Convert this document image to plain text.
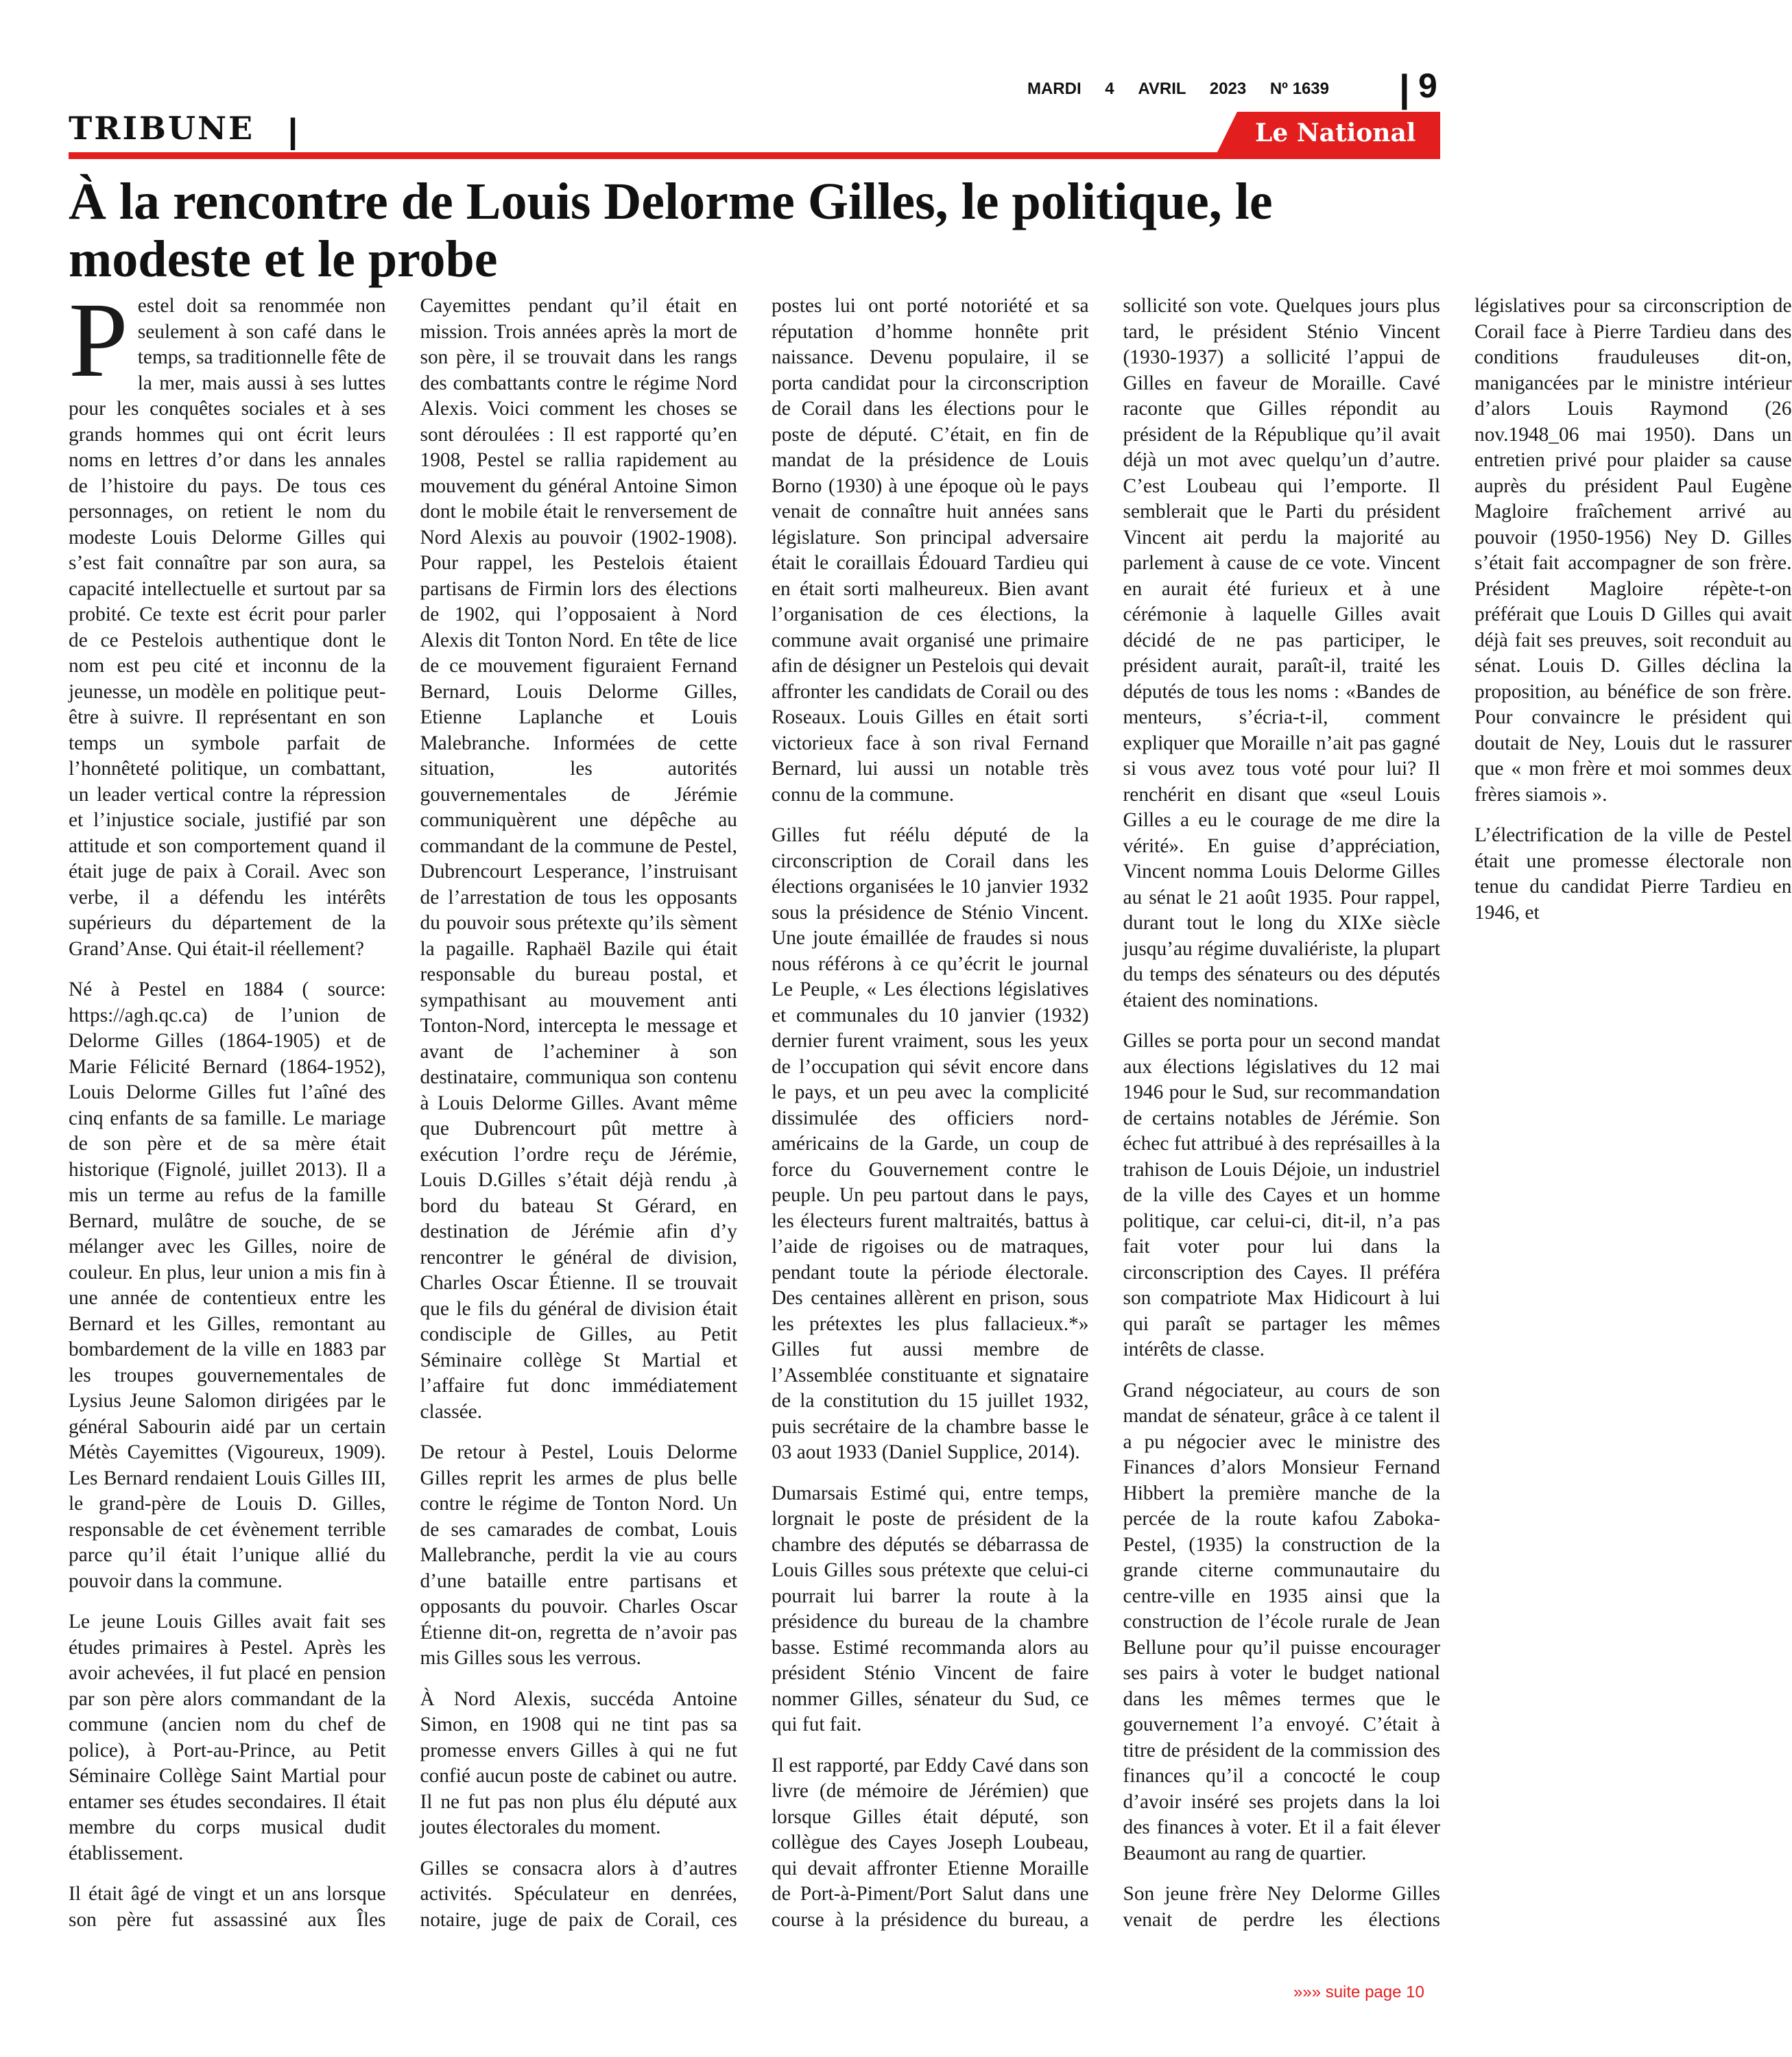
TRIBUNE |
MARDI 4 AVRIL 2023 Nº 1639 | 9
Le National
À la rencontre de Louis Delorme Gilles, le politique, le modeste et le probe

Pestel doit sa renommée non seulement à son café dans le temps, sa traditionnelle fête de la mer, mais aussi à ses luttes pour les conquêtes sociales et à ses grands hommes qui ont écrit leurs noms en lettres d’or dans les annales de l’histoire du pays. De tous ces personnages, on retient le nom du modeste Louis Delorme Gilles qui s’est fait connaître par son aura, sa capacité intellectuelle et surtout par sa probité. Ce texte est écrit pour parler de ce Pestelois authentique dont le nom est peu cité et inconnu de la jeunesse, un modèle en politique peut-être à suivre. Il représentant en son temps un symbole parfait de l’honnêteté politique, un combattant, un leader vertical contre la répression et l’injustice sociale, justifié par son attitude et son comportement quand il était juge de paix à Corail. Avec son verbe, il a défendu les intérêts supérieurs du département de la Grand’Anse. Qui était-il réellement?

Né à Pestel en 1884 ( source: https://agh.qc.ca) de l’union de Delorme Gilles (1864-1905) et de Marie Félicité Bernard (1864-1952), Louis Delorme Gilles fut l’aîné des cinq enfants de sa famille. Le mariage de son père et de sa mère était historique (Fignolé, juillet 2013). Il a mis un terme au refus de la famille Bernard, mulâtre de souche, de se mélanger avec les Gilles, noire de couleur. En plus, leur union a mis fin à une année de contentieux entre les Bernard et les Gilles, remontant au bombardement de la ville en 1883 par les troupes gouvernementales de Lysius Jeune Salomon dirigées par le général Sabourin aidé par un certain Métès Cayemittes (Vigoureux, 1909). Les Bernard rendaient Louis Gilles III, le grand-père de Louis D. Gilles, responsable de cet évènement terrible parce qu’il était l’unique allié du pouvoir dans la commune.

Le jeune Louis Gilles avait fait ses études primaires à Pestel. Après les avoir achevées, il fut placé en pension par son père alors commandant de la commune (ancien nom du chef de police), à Port-au-Prince, au Petit Séminaire Collège Saint Martial pour entamer ses études secondaires. Il était membre du corps musical dudit établissement.

Il était âgé de vingt et un ans lorsque son père fut assassiné aux Îles Cayemittes pendant qu’il était en mission. Trois années après la mort de son père, il se trouvait dans les rangs des combattants contre le régime Nord Alexis. Voici comment les choses se sont déroulées : Il est rapporté qu’en 1908, Pestel se rallia rapidement au mouvement du général Antoine Simon dont le mobile était le renversement de Nord Alexis au pouvoir (1902-1908). Pour rappel, les Pestelois étaient partisans de Firmin lors des élections de 1902, qui l’opposaient à Nord Alexis dit Tonton Nord. En tête de lice de ce mouvement figuraient Fernand Bernard, Louis Delorme Gilles, Etienne Laplanche et Louis Malebranche. Informées de cette situation, les autorités gouvernementales de Jérémie communiquèrent une dépêche au commandant de la commune de Pestel, Dubrencourt Lesperance, l’instruisant de l’arrestation de tous les opposants du pouvoir sous prétexte qu’ils sèment la pagaille. Raphaël Bazile qui était responsable du bureau postal, et sympathisant au mouvement anti Tonton-Nord, intercepta le message et avant de l’acheminer à son destinataire, communiqua son contenu à Louis Delorme Gilles. Avant même que Dubrencourt pût mettre à exécution l’ordre reçu de Jérémie, Louis D.Gilles s’était déjà rendu ,à bord du bateau St Gérard, en destination de Jérémie afin d’y rencontrer le général de division, Charles Oscar Étienne. Il se trouvait que le fils du général de division était condisciple de Gilles, au Petit Séminaire collège St Martial et l’affaire fut donc immédiatement classée.

De retour à Pestel, Louis Delorme Gilles reprit les armes de plus belle contre le régime de Tonton Nord. Un de ses camarades de combat, Louis Mallebranche, perdit la vie au cours d’une bataille entre partisans et opposants du pouvoir. Charles Oscar Étienne dit-on, regretta de n’avoir pas mis Gilles sous les verrous.

À Nord Alexis, succéda Antoine Simon, en 1908 qui ne tint pas sa promesse envers Gilles à qui ne fut confié aucun poste de cabinet ou autre. Il ne fut pas non plus élu député aux joutes électorales du moment.

Gilles se consacra alors à d’autres activités. Spéculateur en denrées, notaire, juge de paix de Corail, ces postes lui ont porté notoriété et sa réputation d’homme honnête prit naissance. Devenu populaire, il se porta candidat pour la circonscription de Corail dans les élections pour le poste de député. C’était, en fin de mandat de la présidence de Louis Borno (1930) à une époque où le pays venait de connaître huit années sans législature. Son principal adversaire était le coraillais Édouard Tardieu qui en était sorti malheureux. Bien avant l’organisation de ces élections, la commune avait organisé une primaire afin de désigner un Pestelois qui devait affronter les candidats de Corail ou des Roseaux. Louis Gilles en était sorti victorieux face à son rival Fernand Bernard, lui aussi un notable très connu de la commune.

Gilles fut réélu député de la circonscription de Corail dans les élections organisées le 10 janvier 1932 sous la présidence de Sténio Vincent. Une joute émaillée de fraudes si nous nous référons à ce qu’écrit le journal Le Peuple, « Les élections législatives et communales du 10 janvier (1932) dernier furent vraiment, sous les yeux de l’occupation qui sévit encore dans le pays, et un peu avec la complicité dissimulée des officiers nord-américains de la Garde, un coup de force du Gouvernement contre le peuple. Un peu partout dans le pays, les électeurs furent maltraités, battus à l’aide de rigoises ou de matraques, pendant toute la période électorale. Des centaines allèrent en prison, sous les prétextes les plus fallacieux.*» Gilles fut aussi membre de l’Assemblée constituante et signataire de la constitution du 15 juillet 1932, puis secrétaire de la chambre basse le 03 aout 1933 (Daniel Supplice, 2014).

Dumarsais Estimé qui, entre temps, lorgnait le poste de président de la chambre des députés se débarrassa de Louis Gilles sous prétexte que celui-ci pourrait lui barrer la route à la présidence du bureau de la chambre basse. Estimé recommanda alors au président Sténio Vincent de faire nommer Gilles, sénateur du Sud, ce qui fut fait.

Il est rapporté, par Eddy Cavé dans son livre (de mémoire de Jérémien) que lorsque Gilles était député, son collègue des Cayes Joseph Loubeau, qui devait affronter Etienne Moraille de Port-à-Piment/Port Salut dans une course à la présidence du bureau, a sollicité son vote. Quelques jours plus tard, le président Sténio Vincent (1930-1937) a sollicité l’appui de Gilles en faveur de Moraille. Cavé raconte que Gilles répondit au président de la République qu’il avait déjà un mot avec quelqu’un d’autre. C’est Loubeau qui l’emporte. Il semblerait que le Parti du président Vincent ait perdu la majorité au parlement à cause de ce vote. Vincent en aurait été furieux et à une cérémonie à laquelle Gilles avait décidé de ne pas participer, le président aurait, paraît-il, traité les députés de tous les noms : «Bandes de menteurs, s’écria-t-il, comment expliquer que Moraille n’ait pas gagné si vous avez tous voté pour lui? Il renchérit en disant que «seul Louis Gilles a eu le courage de me dire la vérité». En guise d’appréciation, Vincent nomma Louis Delorme Gilles au sénat le 21 août 1935. Pour rappel, durant tout le long du XIXe siècle jusqu’au régime duvaliériste, la plupart du temps des sénateurs ou des députés étaient des nominations.

Gilles se porta pour un second mandat aux élections législatives du 12 mai 1946 pour le Sud, sur recommandation de certains notables de Jérémie. Son échec fut attribué à des représailles à la trahison de Louis Déjoie, un industriel de la ville des Cayes et un homme politique, car celui-ci, dit-il, n’a pas fait voter pour lui dans la circonscription des Cayes. Il préféra son compatriote Max Hidicourt à lui qui paraît se partager les mêmes intérêts de classe.

Grand négociateur, au cours de son mandat de sénateur, grâce à ce talent il a pu négocier avec le ministre des Finances d’alors Monsieur Fernand Hibbert la première manche de la percée de la route kafou Zaboka-Pestel, (1935) la construction de la grande citerne communautaire du centre-ville en 1935 ainsi que la construction de l’école rurale de Jean Bellune pour qu’il puisse encourager ses pairs à voter le budget national dans les mêmes termes que le gouvernement l’a envoyé. C’était à titre de président de la commission des finances qu’il a concocté le coup d’avoir inséré ses projets dans la loi des finances à voter. Et il a fait élever Beaumont au rang de quartier.

Son jeune frère Ney Delorme Gilles venait de perdre les élections législatives pour sa circonscription de Corail face à Pierre Tardieu dans des conditions frauduleuses dit-on, manigancées par le ministre intérieur d’alors Louis Raymond (26 nov.1948_06 mai 1950). Dans un entretien privé pour plaider sa cause auprès du président Paul Eugène Magloire fraîchement arrivé au pouvoir (1950-1956) Ney D. Gilles s’était fait accompagner de son frère. Président Magloire répète-t-on préférait que Louis D Gilles qui avait déjà fait ses preuves, soit reconduit au sénat. Louis D. Gilles déclina la proposition, au bénéfice de son frère. Pour convaincre le président qui doutait de Ney, Louis dut le rassurer que « mon frère et moi sommes deux frères siamois ».

L’électrification de la ville de Pestel était une promesse électorale non tenue du candidat Pierre Tardieu en 1946, et

»»» suite page 10
